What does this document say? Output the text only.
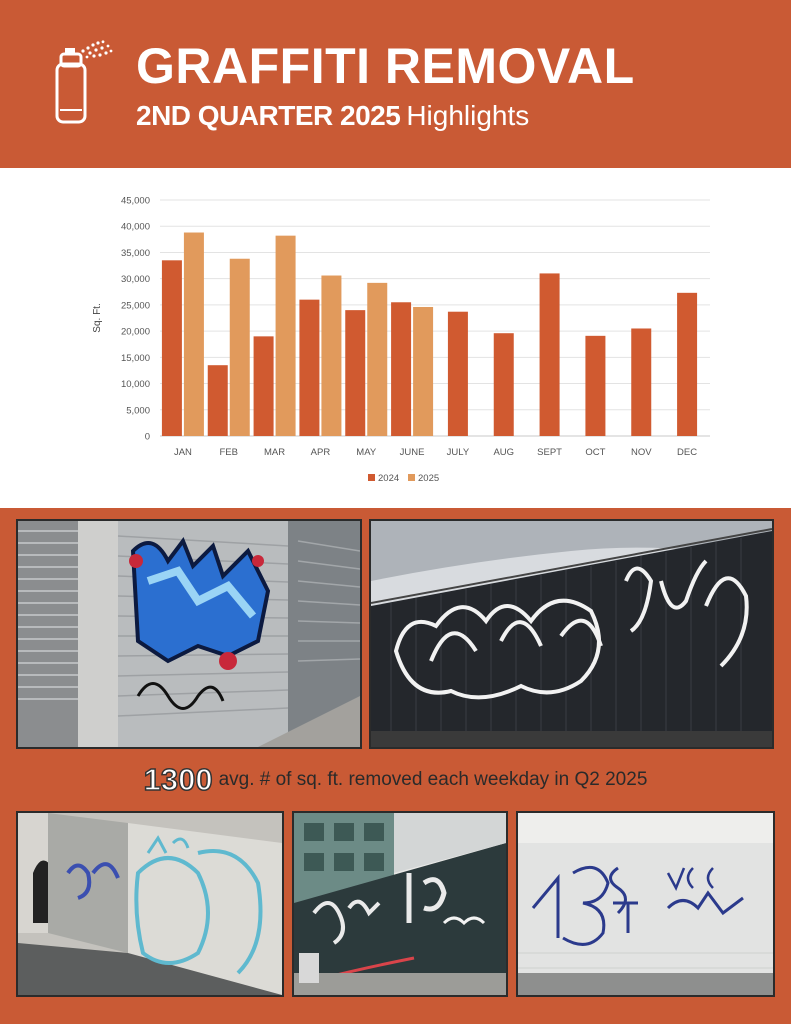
GRAFFITI REMOVAL
2ND QUARTER 2025 Highlights
0
5,000
10,000
15,000
20,000
25,000
30,000
35,000
40,000
45,000
Sq. Ft.
JAN	FEB	MAR	APR	MAY JUNE JULY	AUG SEPT OCT	NOV	DEC
2024 2025
1300 avg. # of sq. ft. removed each weekday in Q2 2025
